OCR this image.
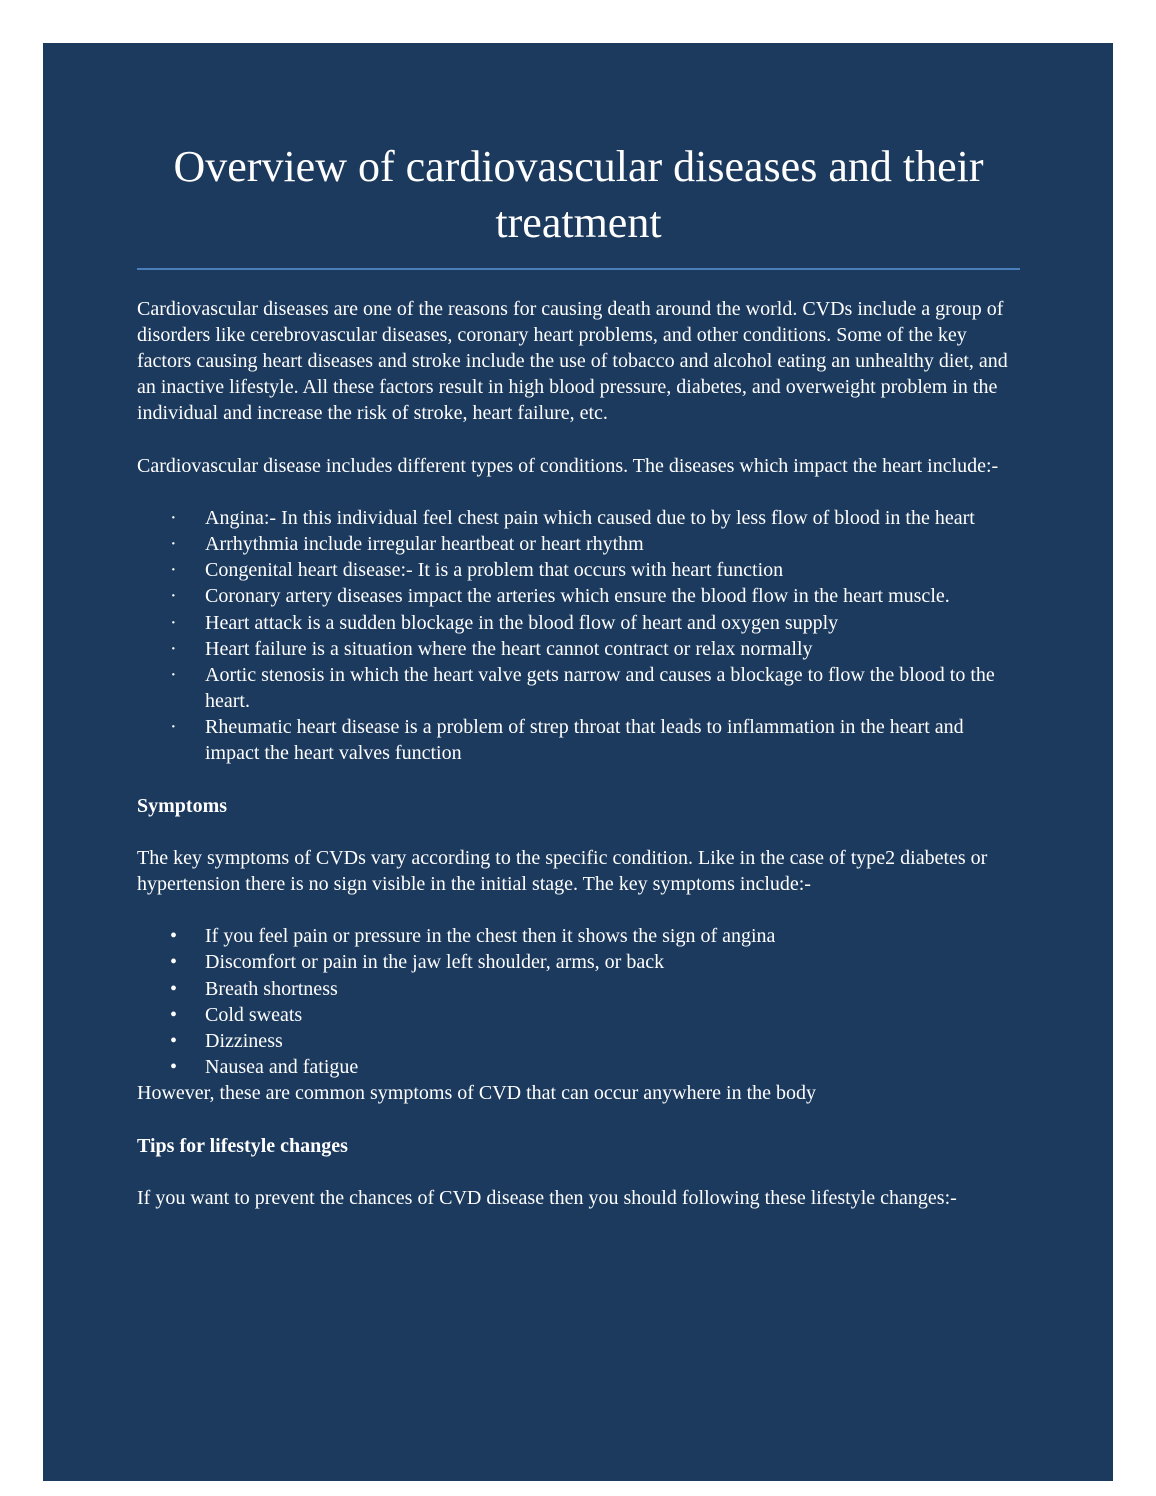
Overview of cardiovascular diseases and their treatment

Cardiovascular diseases are one of the reasons for causing death around the world. CVDs include a group of disorders like cerebrovascular diseases, coronary heart problems, and other conditions. Some of the key factors causing heart diseases and stroke include the use of tobacco and alcohol eating an unhealthy diet, and an inactive lifestyle. All these factors result in high blood pressure, diabetes, and overweight problem in the individual and increase the risk of stroke, heart failure, etc.

Cardiovascular disease includes different types of conditions. The diseases which impact the heart include:-

·	Angina:- In this individual feel chest pain which caused due to by less flow of blood in the heart
·	Arrhythmia include irregular heartbeat or heart rhythm
·	Congenital heart disease:- It is a problem that occurs with heart function
·	Coronary artery diseases impact the arteries which ensure the blood flow in the heart muscle.
·	Heart attack is a sudden blockage in the blood flow of heart and oxygen supply
·	Heart failure is a situation where the heart cannot contract or relax normally
·	Aortic stenosis in which the heart valve gets narrow and causes a blockage to flow the blood to the heart.
·	Rheumatic heart disease is a problem of strep throat that leads to inflammation in the heart and impact the heart valves function

Symptoms

The key symptoms of CVDs vary according to the specific condition. Like in the case of type2 diabetes or hypertension there is no sign visible in the initial stage. The key symptoms include:-

•	If you feel pain or pressure in the chest then it shows the sign of angina
•	Discomfort or pain in the jaw left shoulder, arms, or back
•	Breath shortness
•	Cold sweats
•	Dizziness
•	Nausea and fatigue

However, these are common symptoms of CVD that can occur anywhere in the body

Tips for lifestyle changes

If you want to prevent the chances of CVD disease then you should following these lifestyle changes:-
